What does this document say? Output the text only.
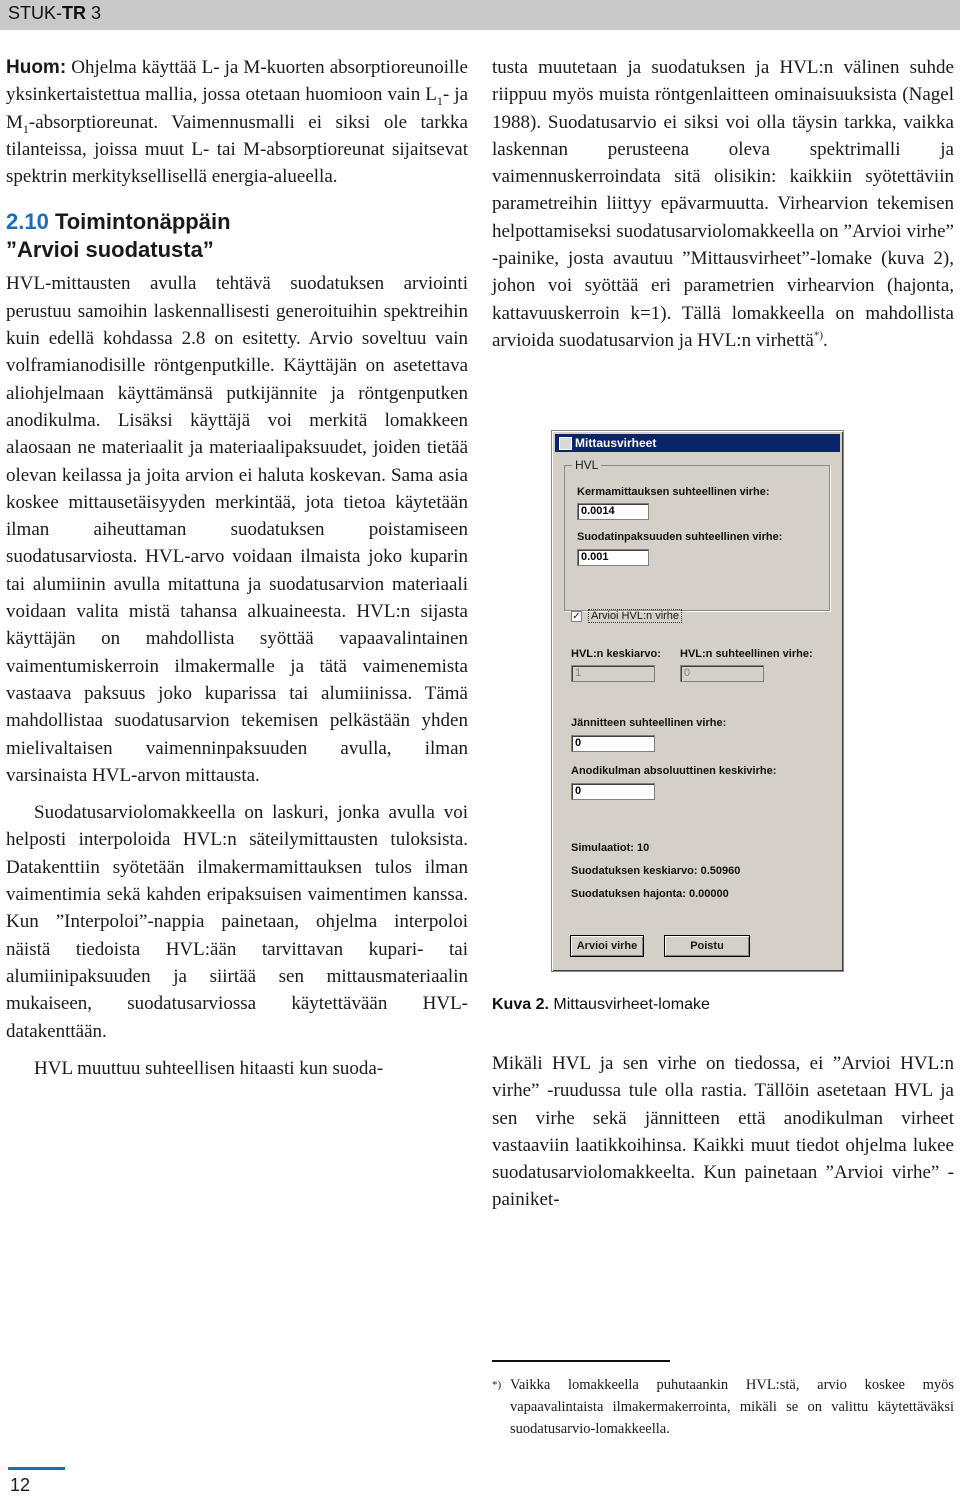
STUK-TR 3

Huom: Ohjelma käyttää L- ja M-kuorten absorptioreunoille yksinkertaistettua mallia, jossa otetaan huomioon vain $L_1-$ ja $M_1$-absorptioreunat. Vaimennusmalli ei siksi ole tarkka tilanteissa, joissa muut L- tai M-absorptioreunat sijaitsevat spektrin merkityksellisellä energia-alueella.

2.10 Toimintonäppäin
”Arvioi suodatusta”

HVL-mittausten avulla tehtävä suodatuksen arviointi perustuu samoihin laskennallisesti generoituihin spektreihin kuin edellä kohdassa 2.8 on esitetty. Arvio soveltuu vain volframianodisille röntgenputkille. Käyttäjän on asetettava aliohjelmaan käyttämänsä putkijännite ja röntgenputken anodikulma. Lisäksi käyttäjä voi merkitä lomakkeen alaosaan ne materiaalit ja materiaalipaksuudet, joiden tietää olevan keilassa ja joita arvion ei haluta koskevan. Sama asia koskee mittausetäisyyden merkintää, jota tietoa käytetään ilman aiheuttaman suodatuksen poistamiseen suodatusarviosta. HVL-arvo voidaan ilmaista joko kuparin tai alumiinin avulla mitattuna ja suodatusarvion materiaali voidaan valita mistä tahansa alkuaineesta. HVL:n sijasta käyttäjän on mahdollista syöttää vapaavalintainen vaimentumiskerroin ilmakermalle ja tätä vaimenemista vastaava paksuus joko kuparissa tai alumiinissa. Tämä mahdollistaa suodatusarvion tekemisen pelkästään yhden mielivaltaisen vaimenninpaksuuden avulla, ilman varsinaista HVL-arvon mittausta.

Suodatusarviolomakkeella on laskuri, jonka avulla voi helposti interpoloida HVL:n säteilymittausten tuloksista. Datakenttiin syötetään ilmakermamittauksen tulos ilman vaimentimia sekä kahden eripaksuisen vaimentimen kanssa. Kun ”Interpoloi”-nappia painetaan, ohjelma interpoloi näistä tiedoista HVL:ään tarvittavan kupari- tai alumiinipaksuuden ja siirtää sen mittausmateriaalin mukaiseen, suodatusarviossa käytettävään HVL-datakenttään.

HVL muuttuu suhteellisen hitaasti kun suoda-

tusta muutetaan ja suodatuksen ja HVL:n välinen suhde riippuu myös muista röntgenlaitteen ominaisuuksista (Nagel 1988). Suodatusarvio ei siksi voi olla täysin tarkka, vaikka laskennan perusteena oleva spektrimalli ja vaimennuskerroindata sitä olisikin: kaikkiin syötettäviin parametreihin liittyy epävarmuutta. Virhearvion tekemisen helpottamiseksi suodatusarviolomakkeella on ”Arvioi virhe” -painike, josta avautuu ”Mittausvirheet”-lomake (kuva 2), johon voi syöttää eri parametrien virhearvion (hajonta, kattavuuskerroin k=1). Tällä lomakkeella on mahdollista arvioida suodatusarvion ja HVL:n virhettä*).

Mittausvirheet
HVL
Kermamittauksen suhteellinen virhe:
0.0014
Suodatinpaksuuden suhteellinen virhe:
0.001
✓ Arvioi HVL:n virhe
HVL:n keskiarvo:
1
HVL:n suhteellinen virhe:
0
Jännitteen suhteellinen virhe:
0
Anodikulman absoluuttinen keskivirhe:
0
Simulaatiot: 10
Suodatuksen keskiarvo: 0.50960
Suodatuksen hajonta: 0.00000
Arvioi virhe	Poistu
Kuva 2. Mittausvirheet-lomake

Mikäli HVL ja sen virhe on tiedossa, ei ”Arvioi HVL:n virhe” -ruudussa tule olla rastia. Tällöin asetetaan HVL ja sen virhe sekä jännitteen että anodikulman virheet vastaaviin laatikkoihinsa. Kaikki muut tiedot ohjelma lukee suodatusarviolomakkeelta. Kun painetaan ”Arvioi virhe” -painiket-

*) Vaikka lomakkeella puhutaankin HVL:stä, arvio koskee myös vapaavalintaista ilmakermakerrointa, mikäli se on valittu käytettäväksi suodatusarvio-lomakkeella.
12
